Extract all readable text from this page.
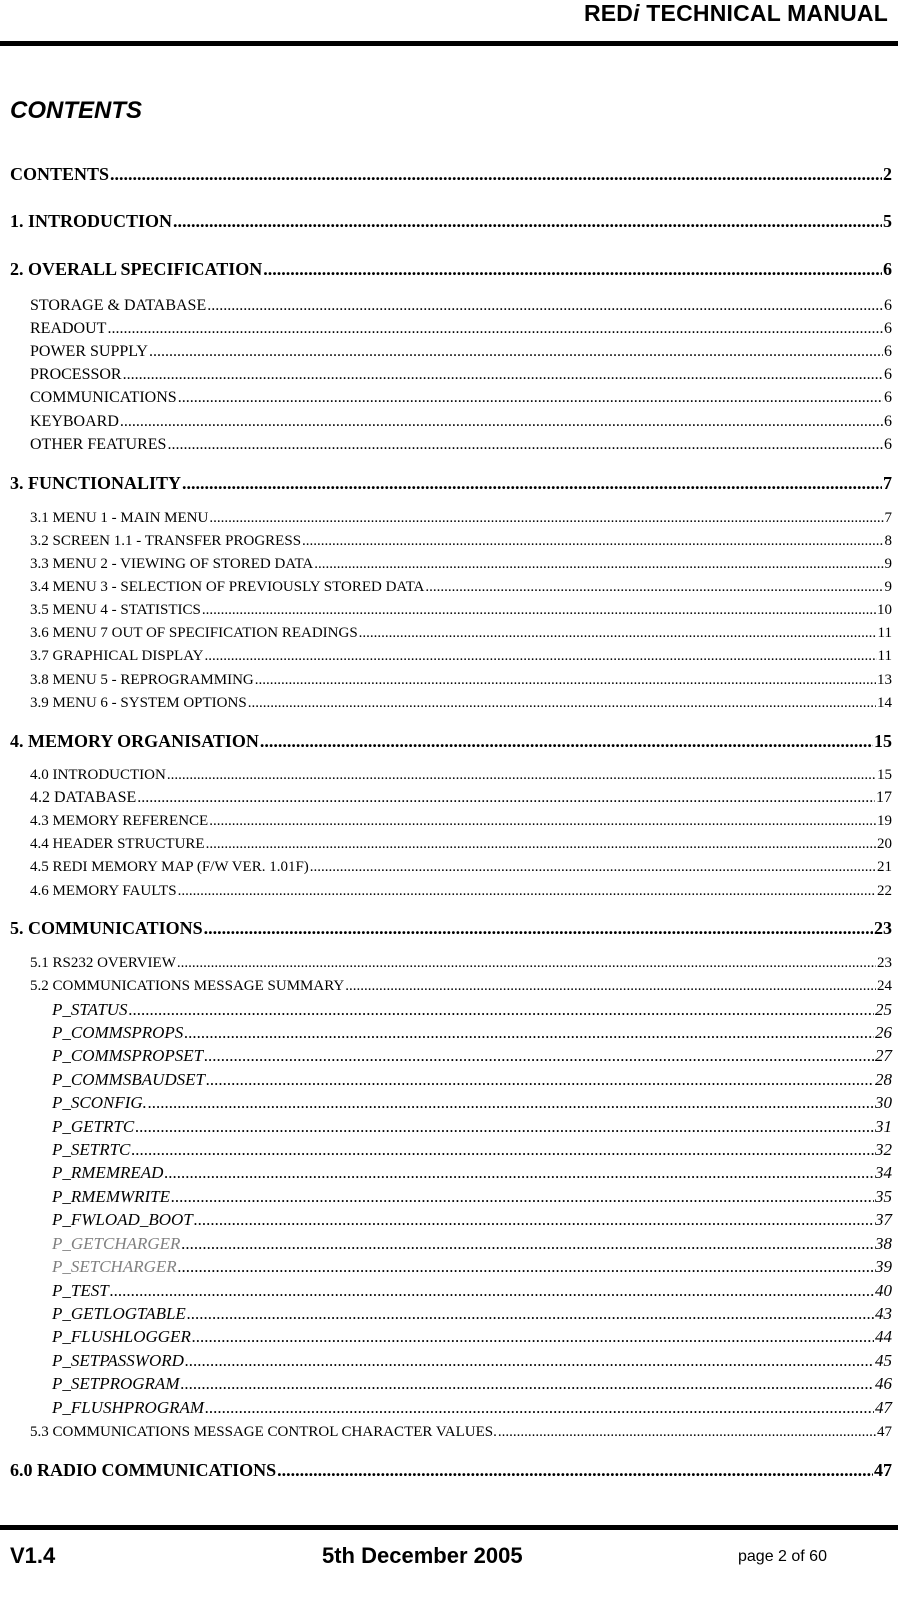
REDi TECHNICAL MANUAL
CONTENTS
CONTENTS .....	2
1. INTRODUCTION .....	5
2. OVERALL SPECIFICATION .....	6
STORAGE & DATABASE .....	6
READOUT .....	6
POWER SUPPLY .....	6
PROCESSOR .....	6
COMMUNICATIONS .....	6
KEYBOARD .....	6
OTHER FEATURES .....	6
3. FUNCTIONALITY .....	7
3.1 MENU 1 - MAIN MENU .....	7
3.2 SCREEN 1.1 - TRANSFER PROGRESS .....	8
3.3 MENU 2 - VIEWING OF STORED DATA .....	9
3.4 MENU 3 - SELECTION OF PREVIOUSLY STORED DATA .....	9
3.5 MENU 4 - STATISTICS .....	10
3.6 MENU 7 OUT OF SPECIFICATION READINGS .....	11
3.7 GRAPHICAL DISPLAY .....	11
3.8 MENU 5 - REPROGRAMMING .....	13
3.9 MENU 6 - SYSTEM OPTIONS .....	14
4. MEMORY ORGANISATION .....	15
4.0 INTRODUCTION .....	15
4.2 DATABASE .....	17
4.3 MEMORY REFERENCE .....	19
4.4 HEADER STRUCTURE .....	20
4.5 REDI MEMORY MAP (F/W VER. 1.01F) .....	21
4.6 MEMORY FAULTS .....	22
5. COMMUNICATIONS .....	23
5.1 RS232 OVERVIEW .....	23
5.2 COMMUNICATIONS MESSAGE SUMMARY .....	24
P_STATUS .....	25
P_COMMSPROPS .....	26
P_COMMSPROPSET .....	27
P_COMMSBAUDSET .....	28
P_SCONFIG. .....	30
P_GETRTC .....	31
P_SETRTC .....	32
P_RMEMREAD .....	34
P_RMEMWRITE .....	35
P_FWLOAD_BOOT .....	37
P_GETCHARGER .....	38
P_SETCHARGER .....	39
P_TEST .....	40
P_GETLOGTABLE .....	43
P_FLUSHLOGGER .....	44
P_SETPASSWORD .....	45
P_SETPROGRAM .....	46
P_FLUSHPROGRAM .....	47
5.3 COMMUNICATIONS MESSAGE CONTROL CHARACTER VALUES. .....	47
6.0 RADIO COMMUNICATIONS .....	47
V1.4	5th December 2005	page 2 of 60
